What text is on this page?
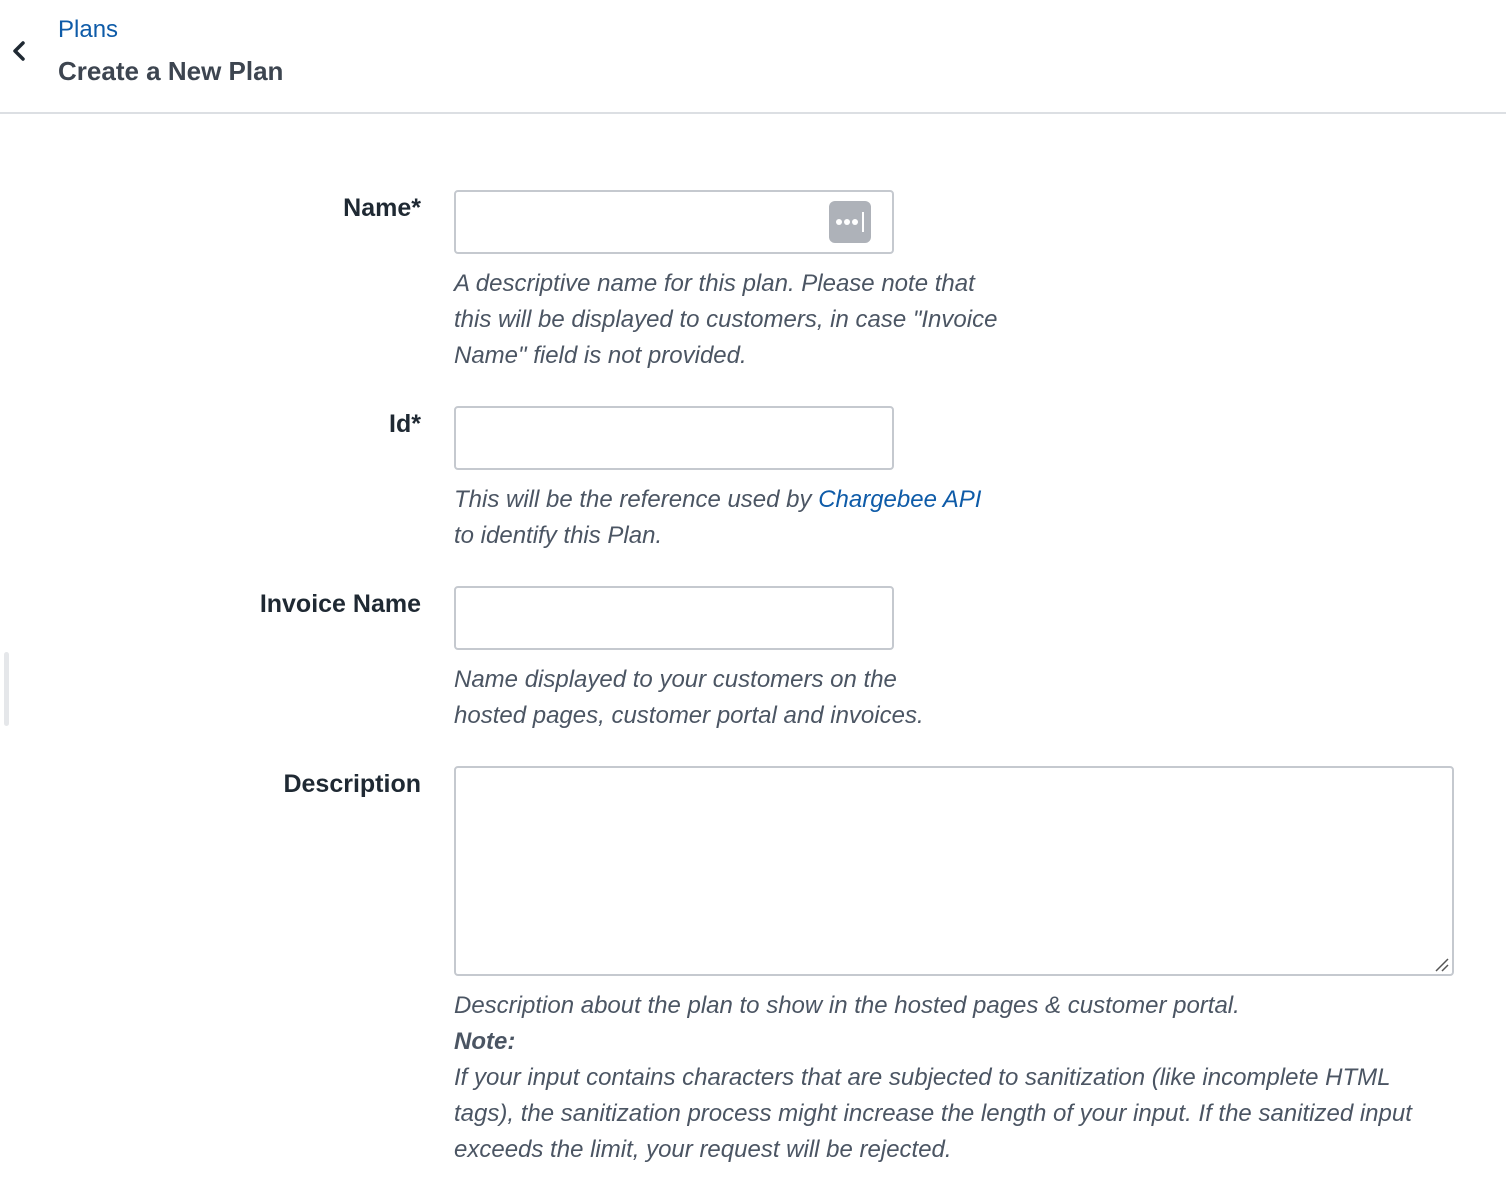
Plans
Create a New Plan
Name*

A descriptive name for this plan. Please note that this will be displayed to customers, in case "Invoice Name" field is not provided.

Id*

This will be the reference used by Chargebee API to identify this Plan.

Invoice Name

Name displayed to your customers on the hosted pages, customer portal and invoices.

Description
Description about the plan to show in the hosted pages & customer portal.
Note:
If your input contains characters that are subjected to sanitization (like incomplete HTML tags), the sanitization process might increase the length of your input. If the sanitized input exceeds the limit, your request will be rejected.
